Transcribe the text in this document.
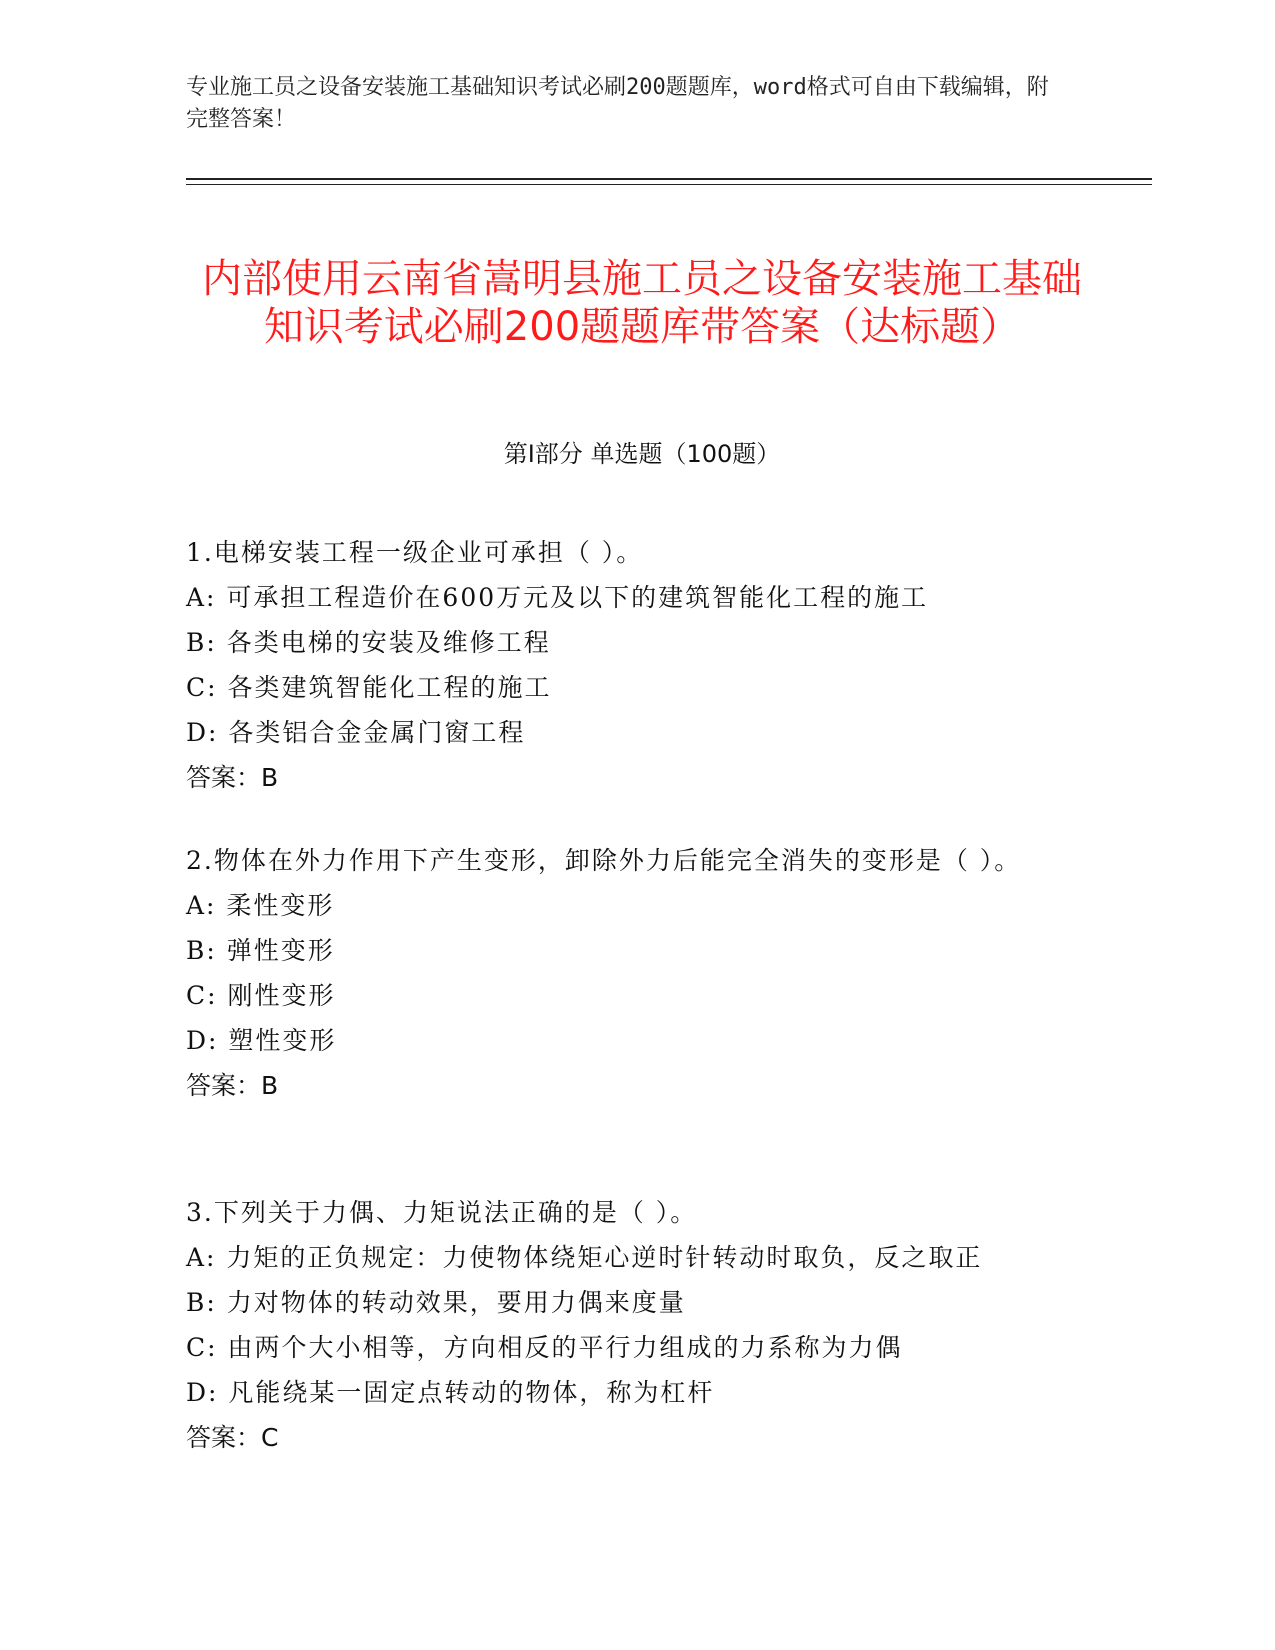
专业施工员之设备安装施工基础知识考试必刷200题题库，word格式可自由下载编辑，附完整答案！
内部使用云南省嵩明县施工员之设备安装施工基础知识考试必刷200题题库带答案（达标题）
第I部分 单选题（100题）

1.电梯安装工程一级企业可承担（ ）。

A: 可承担工程造价在600万元及以下的建筑智能化工程的施工

B: 各类电梯的安装及维修工程

C: 各类建筑智能化工程的施工

D: 各类铝合金金属门窗工程

答案：B

2.物体在外力作用下产生变形，卸除外力后能完全消失的变形是（ ）。

A: 柔性变形

B: 弹性变形

C: 刚性变形

D: 塑性变形

答案：B

3.下列关于力偶、力矩说法正确的是（ ）。

A: 力矩的正负规定：力使物体绕矩心逆时针转动时取负，反之取正

B: 力对物体的转动效果，要用力偶来度量

C: 由两个大小相等，方向相反的平行力组成的力系称为力偶

D: 凡能绕某一固定点转动的物体，称为杠杆

答案：C
